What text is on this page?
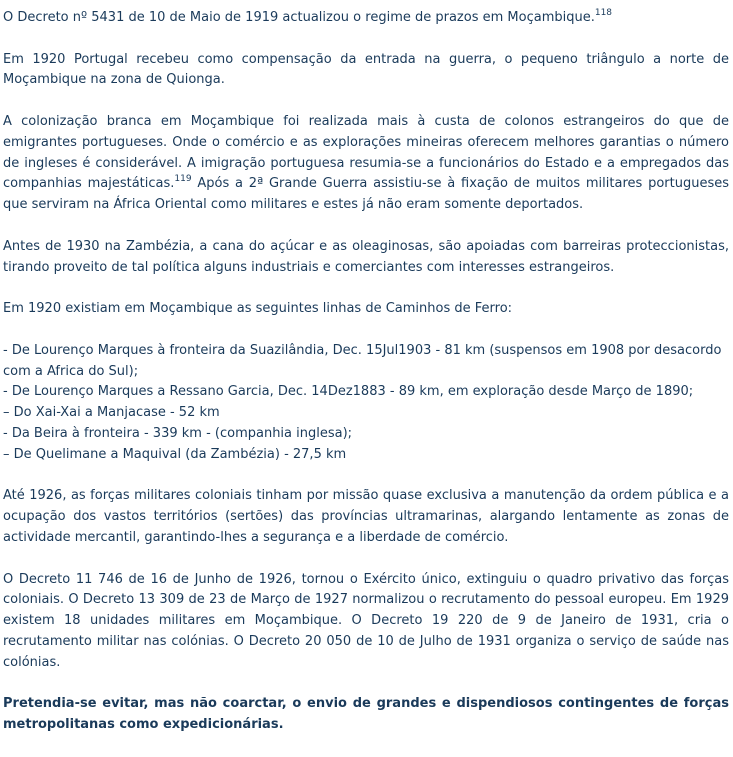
O Decreto nº 5431 de 10 de Maio de 1919 actualizou o regime de prazos em Moçambique.$^{118}$

Em 1920 Portugal recebeu como compensação da entrada na guerra, o pequeno triângulo a norte de Moçambique na zona de Quionga.

A colonização branca em Moçambique foi realizada mais à custa de colonos estrangeiros do que de emigrantes portugueses. Onde o comércio e as explorações mineiras oferecem melhores garantias o número de ingleses é considerável. A imigração portuguesa resumia-se a funcionários do Estado e a empregados das companhias majestáticas.$^{119}$ Após a 2ª Grande Guerra assistiu-se à fixação de muitos militares portugueses que serviram na África Oriental como militares e estes já não eram somente deportados.

Antes de 1930 na Zambézia, a cana do açúcar e as oleaginosas, são apoiadas com barreiras proteccionistas, tirando proveito de tal política alguns industriais e comerciantes com interesses estrangeiros.

Em 1920 existiam em Moçambique as seguintes linhas de Caminhos de Ferro:

- De Lourenço Marques à fronteira da Suazilândia, Dec. 15Jul1903 - 81 km (suspensos em 1908 por desacordo com a Africa do Sul);
- De Lourenço Marques a Ressano Garcia, Dec. 14Dez1883 - 89 km, em exploração desde Março de 1890;
– Do Xai-Xai a Manjacase - 52 km
- Da Beira à fronteira - 339 km - (companhia inglesa);
– De Quelimane a Maquival (da Zambézia) - 27,5 km

Até 1926, as forças militares coloniais tinham por missão quase exclusiva a manutenção da ordem pública e a ocupação dos vastos territórios (sertões) das províncias ultramarinas, alargando lentamente as zonas de actividade mercantil, garantindo-lhes a segurança e a liberdade de comércio.

O Decreto 11 746 de 16 de Junho de 1926, tornou o Exército único, extinguiu o quadro privativo das forças coloniais. O Decreto 13 309 de 23 de Março de 1927 normalizou o recrutamento do pessoal europeu. Em 1929 existem 18 unidades militares em Moçambique. O Decreto 19 220 de 9 de Janeiro de 1931, cria o recrutamento militar nas colónias. O Decreto 20 050 de 10 de Julho de 1931 organiza o serviço de saúde nas colónias.

Pretendia-se evitar, mas não coarctar, o envio de grandes e dispendiosos contingentes de forças metropolitanas como expedicionárias.
